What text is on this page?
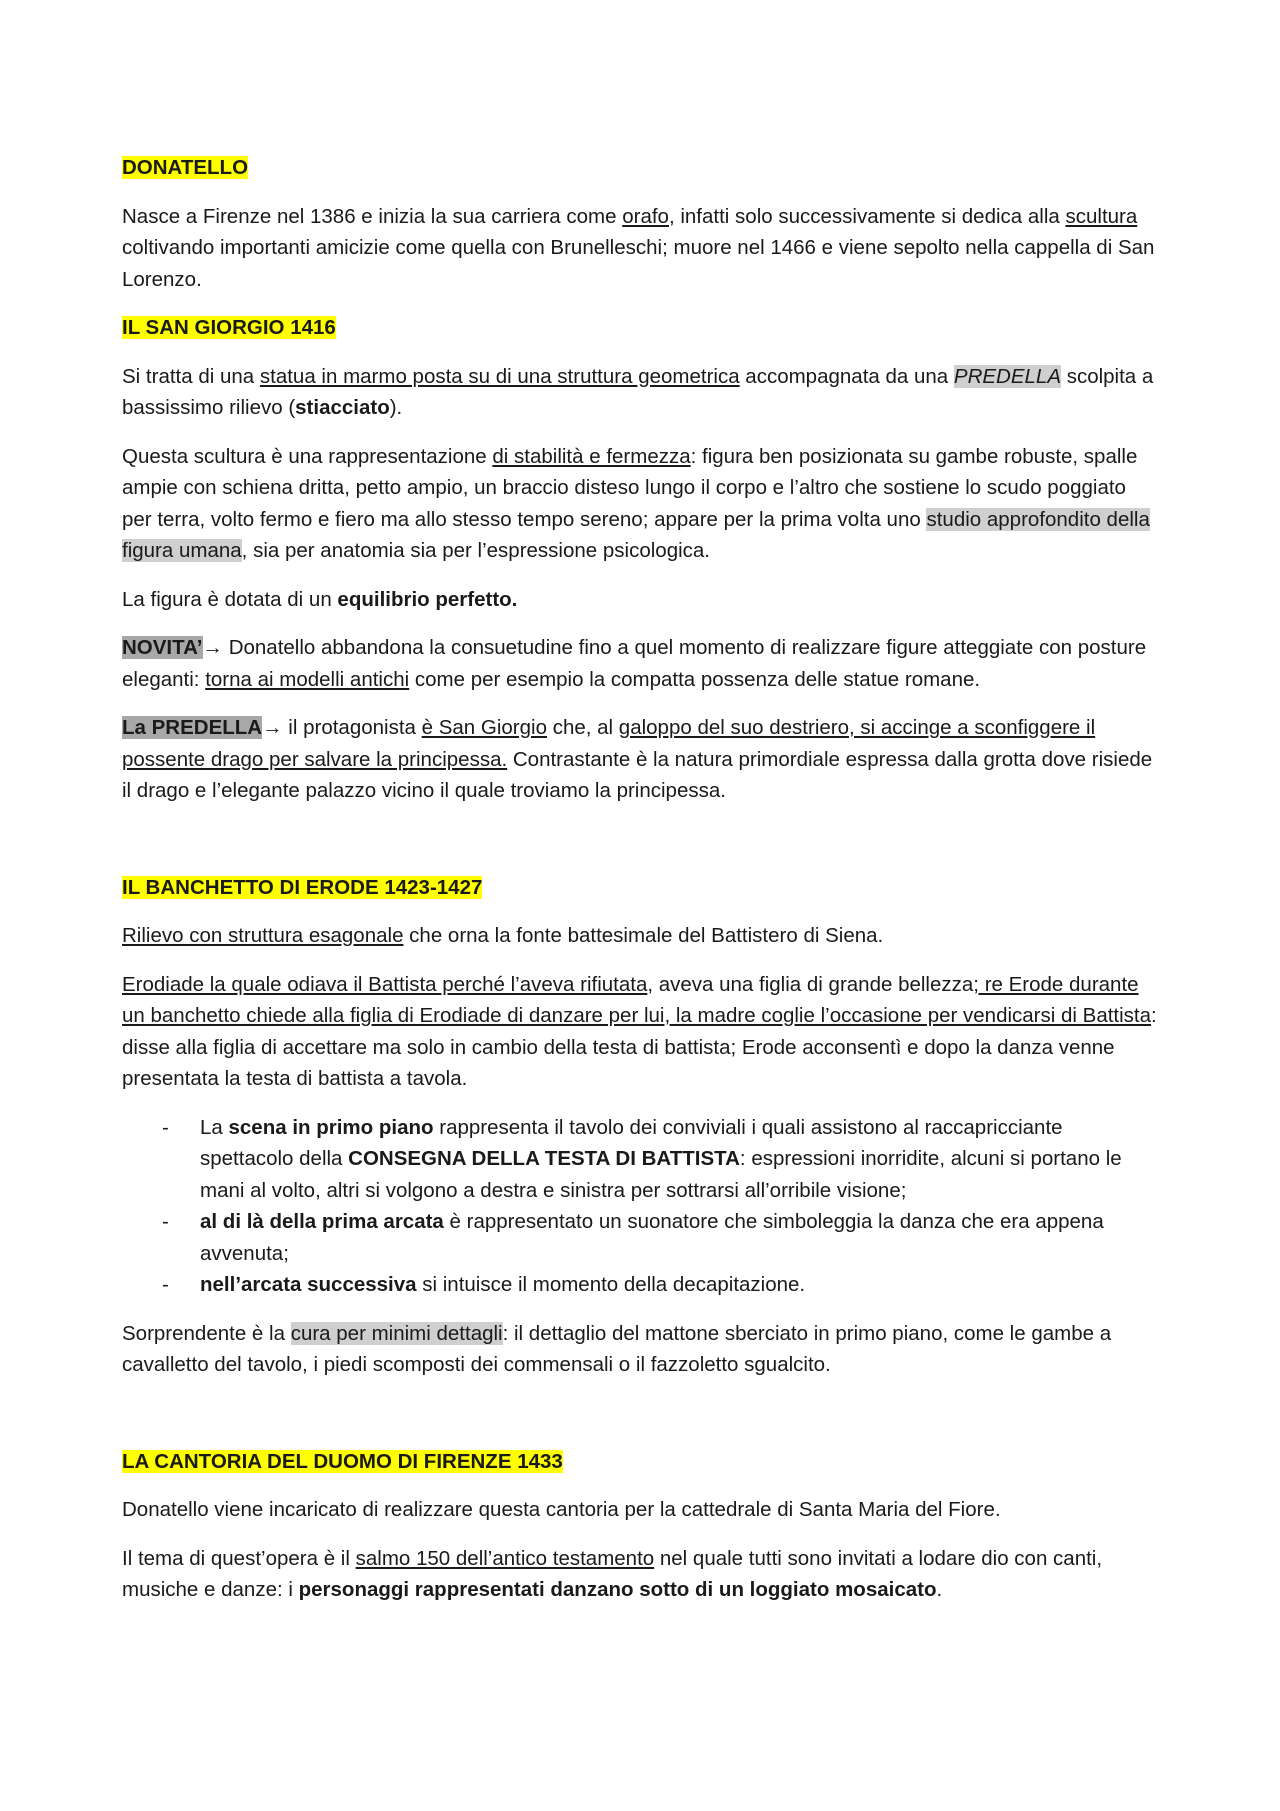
DONATELLO

Nasce a Firenze nel 1386 e inizia la sua carriera come orafo, infatti solo successivamente si dedica alla scultura coltivando importanti amicizie come quella con Brunelleschi; muore nel 1466 e viene sepolto nella cappella di San Lorenzo.

IL SAN GIORGIO 1416

Si tratta di una statua in marmo posta su di una struttura geometrica accompagnata da una PREDELLA scolpita a bassissimo rilievo (stiacciato).

Questa scultura è una rappresentazione di stabilità e fermezza: figura ben posizionata su gambe robuste, spalle ampie con schiena dritta, petto ampio, un braccio disteso lungo il corpo e l’altro che sostiene lo scudo poggiato per terra, volto fermo e fiero ma allo stesso tempo sereno; appare per la prima volta uno studio approfondito della figura umana, sia per anatomia sia per l’espressione psicologica.

La figura è dotata di un equilibrio perfetto.

NOVITA’→ Donatello abbandona la consuetudine fino a quel momento di realizzare figure atteggiate con posture eleganti: torna ai modelli antichi come per esempio la compatta possenza delle statue romane.

La PREDELLA→ il protagonista è San Giorgio che, al galoppo del suo destriero, si accinge a sconfiggere il possente drago per salvare la principessa. Contrastante è la natura primordiale espressa dalla grotta dove risiede il drago e l’elegante palazzo vicino il quale troviamo la principessa.

IL BANCHETTO DI ERODE 1423-1427

Rilievo con struttura esagonale che orna la fonte battesimale del Battistero di Siena.

Erodiade la quale odiava il Battista perché l’aveva rifiutata, aveva una figlia di grande bellezza; re Erode durante un banchetto chiede alla figlia di Erodiade di danzare per lui, la madre coglie l’occasione per vendicarsi di Battista: disse alla figlia di accettare ma solo in cambio della testa di battista; Erode acconsentì e dopo la danza venne presentata la testa di battista a tavola.

- La scena in primo piano rappresenta il tavolo dei conviviali i quali assistono al raccapricciante spettacolo della CONSEGNA DELLA TESTA DI BATTISTA: espressioni inorridite, alcuni si portano le mani al volto, altri si volgono a destra e sinistra per sottrarsi all’orribile visione;
- al di là della prima arcata è rappresentato un suonatore che simboleggia la danza che era appena avvenuta;
- nell’arcata successiva si intuisce il momento della decapitazione.

Sorprendente è la cura per minimi dettagli: il dettaglio del mattone sberciato in primo piano, come le gambe a cavalletto del tavolo, i piedi scomposti dei commensali o il fazzoletto sgualcito.

LA CANTORIA DEL DUOMO DI FIRENZE 1433

Donatello viene incaricato di realizzare questa cantoria per la cattedrale di Santa Maria del Fiore.

Il tema di quest’opera è il salmo 150 dell’antico testamento nel quale tutti sono invitati a lodare dio con canti, musiche e danze: i personaggi rappresentati danzano sotto di un loggiato mosaicato.
